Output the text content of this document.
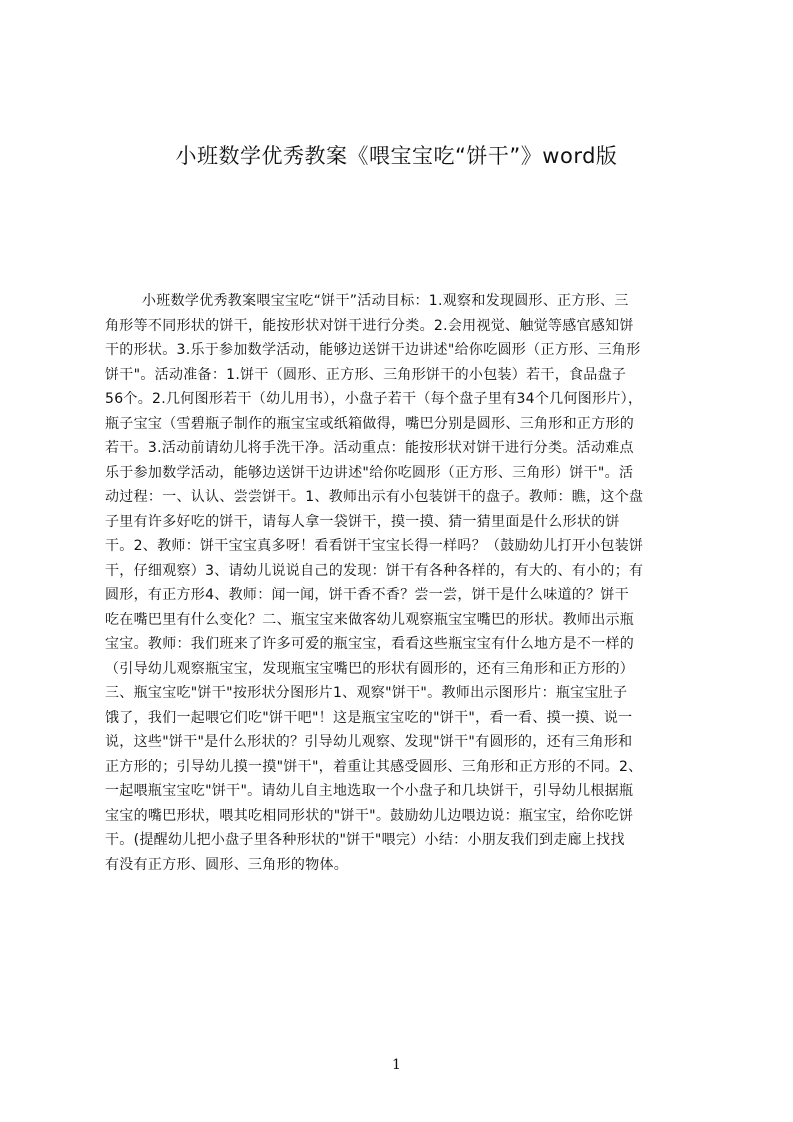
小班数学优秀教案《喂宝宝吃“饼干”》word版
小班数学优秀教案喂宝宝吃“饼干”活动目标：1.观察和发现圆形、正方形、三
角形等不同形状的饼干，能按形状对饼干进行分类。2.会用视觉、触觉等感官感知饼
干的形状。3.乐于参加数学活动，能够边送饼干边讲述"给你吃圆形（正方形、三角形
饼干"。活动准备：1.饼干（圆形、正方形、三角形饼干的小包装）若干，食品盘子
56个。2.几何图形若干（幼儿用书），小盘子若干（每个盘子里有34个几何图形片），
瓶子宝宝（雪碧瓶子制作的瓶宝宝或纸箱做得，嘴巴分别是圆形、三角形和正方形的
若干。3.活动前请幼儿将手洗干净。活动重点：能按形状对饼干进行分类。活动难点
乐于参加数学活动，能够边送饼干边讲述"给你吃圆形（正方形、三角形）饼干"。活
动过程：一、认认、尝尝饼干。1、教师出示有小包装饼干的盘子。教师：瞧，这个盘
子里有许多好吃的饼干，请每人拿一袋饼干，摸一摸、猜一猜里面是什么形状的饼
干。2、教师：饼干宝宝真多呀！看看饼干宝宝长得一样吗？（鼓励幼儿打开小包装饼
干，仔细观察）3、请幼儿说说自己的发现：饼干有各种各样的，有大的、有小的；有
圆形，有正方形4、教师：闻一闻，饼干香不香？尝一尝，饼干是什么味道的？饼干
吃在嘴巴里有什么变化？二、瓶宝宝来做客幼儿观察瓶宝宝嘴巴的形状。教师出示瓶
宝宝。教师：我们班来了许多可爱的瓶宝宝，看看这些瓶宝宝有什么地方是不一样的
（引导幼儿观察瓶宝宝，发现瓶宝宝嘴巴的形状有圆形的，还有三角形和正方形的）
三、瓶宝宝吃"饼干"按形状分图形片1、观察"饼干"。教师出示图形片：瓶宝宝肚子
饿了，我们一起喂它们吃"饼干吧"！这是瓶宝宝吃的"饼干"，看一看、摸一摸、说一
说，这些"饼干"是什么形状的？引导幼儿观察、发现"饼干"有圆形的，还有三角形和
正方形的；引导幼儿摸一摸"饼干"，着重让其感受圆形、三角形和正方形的不同。2、
一起喂瓶宝宝吃"饼干"。请幼儿自主地选取一个小盘子和几块饼干，引导幼儿根据瓶
宝宝的嘴巴形状，喂其吃相同形状的"饼干"。鼓励幼儿边喂边说：瓶宝宝，给你吃饼
干。(提醒幼儿把小盘子里各种形状的"饼干"喂完）小结：小朋友我们到走廊上找找
有没有正方形、圆形、三角形的物体。
1
